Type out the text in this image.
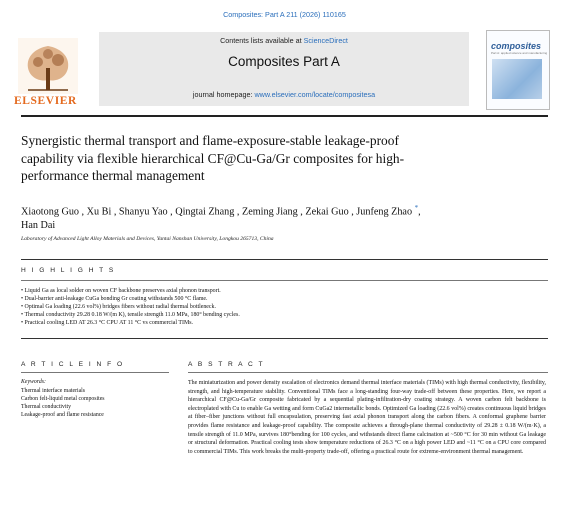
Composites: Part A 211 (2026) 110165
ELSEVIER
Contents lists available at ScienceDirect
Composites Part A
journal homepage: www.elsevier.com/locate/compositesa
composites
Part A: applied science and manufacturing
Synergistic thermal transport and flame-exposure-stable leakage-proof capability via flexible hierarchical CF@Cu-Ga/Gr composites for high-performance thermal management
Xiaotong Guo , Xu Bi , Shanyu Yao , Qingtai Zhang , Zeming Jiang , Zekai Guo , Junfeng Zhao *,
Han Dai
Laboratory of Advanced Light Alloy Materials and Devices, Yantai Nanshan University, Longkou 265713, China
H I G H L I G H T S
• Liquid Ga as local solder on woven CF backbone preserves axial phonon transport.
• Dual-barrier anti-leakage CuGa bonding Gr coating withstands 500 °C flame.
• Optimal Ga loading (22.6 vol%) bridges fibers without radial thermal bottleneck.
• Thermal conductivity 29.28 0.18 W/(m K), tensile strength 11.0 MPa, 180° bending cycles.
• Practical cooling LED AT 26.3 °C CPU AT 11 °C vs commercial TIMs.
A R T I C L E I N F O
Keywords:
Thermal interface materials
Carbon felt-liquid metal composites
Thermal conductivity
Leakage-proof and flame resistance
A B S T R A C T
The miniaturization and power density escalation of electronics demand thermal interface materials (TIMs) with high thermal conductivity, flexibility, strength, and high-temperature stability. Conventional TIMs face a long-standing four-way trade-off between these properties. Here, we report a hierarchical CF@Cu-Ga/Gr composite fabricated by a sequential plating-infiltration-dry coating strategy. A woven carbon felt backbone is electroplated with Cu to enable Ga wetting and form CuGa2 intermetallic bonds. Optimized Ga loading (22.6 vol%) creates continuous liquid bridges at fiber–fiber junctions without full encapsulation, preserving fast axial phonon transport along the carbon fibers. A conformal graphene barrier provides flame resistance and leakage-proof capability. The composite achieves a through-plane thermal conductivity of 29.28 ± 0.18 W/(m·K), a tensile strength of 11.0 MPa, survives 180°bending for 100 cycles, and withstands direct flame calcination at ~500 °C for 30 min without Ga leakage or structural deformation. Practical cooling tests show temperature reductions of 26.3 °C on a high power LED and ~11 °C on a CPU core compared to commercial TIMs. This work breaks the multi-property trade-off, offering a practical route for extreme-environment thermal management.
